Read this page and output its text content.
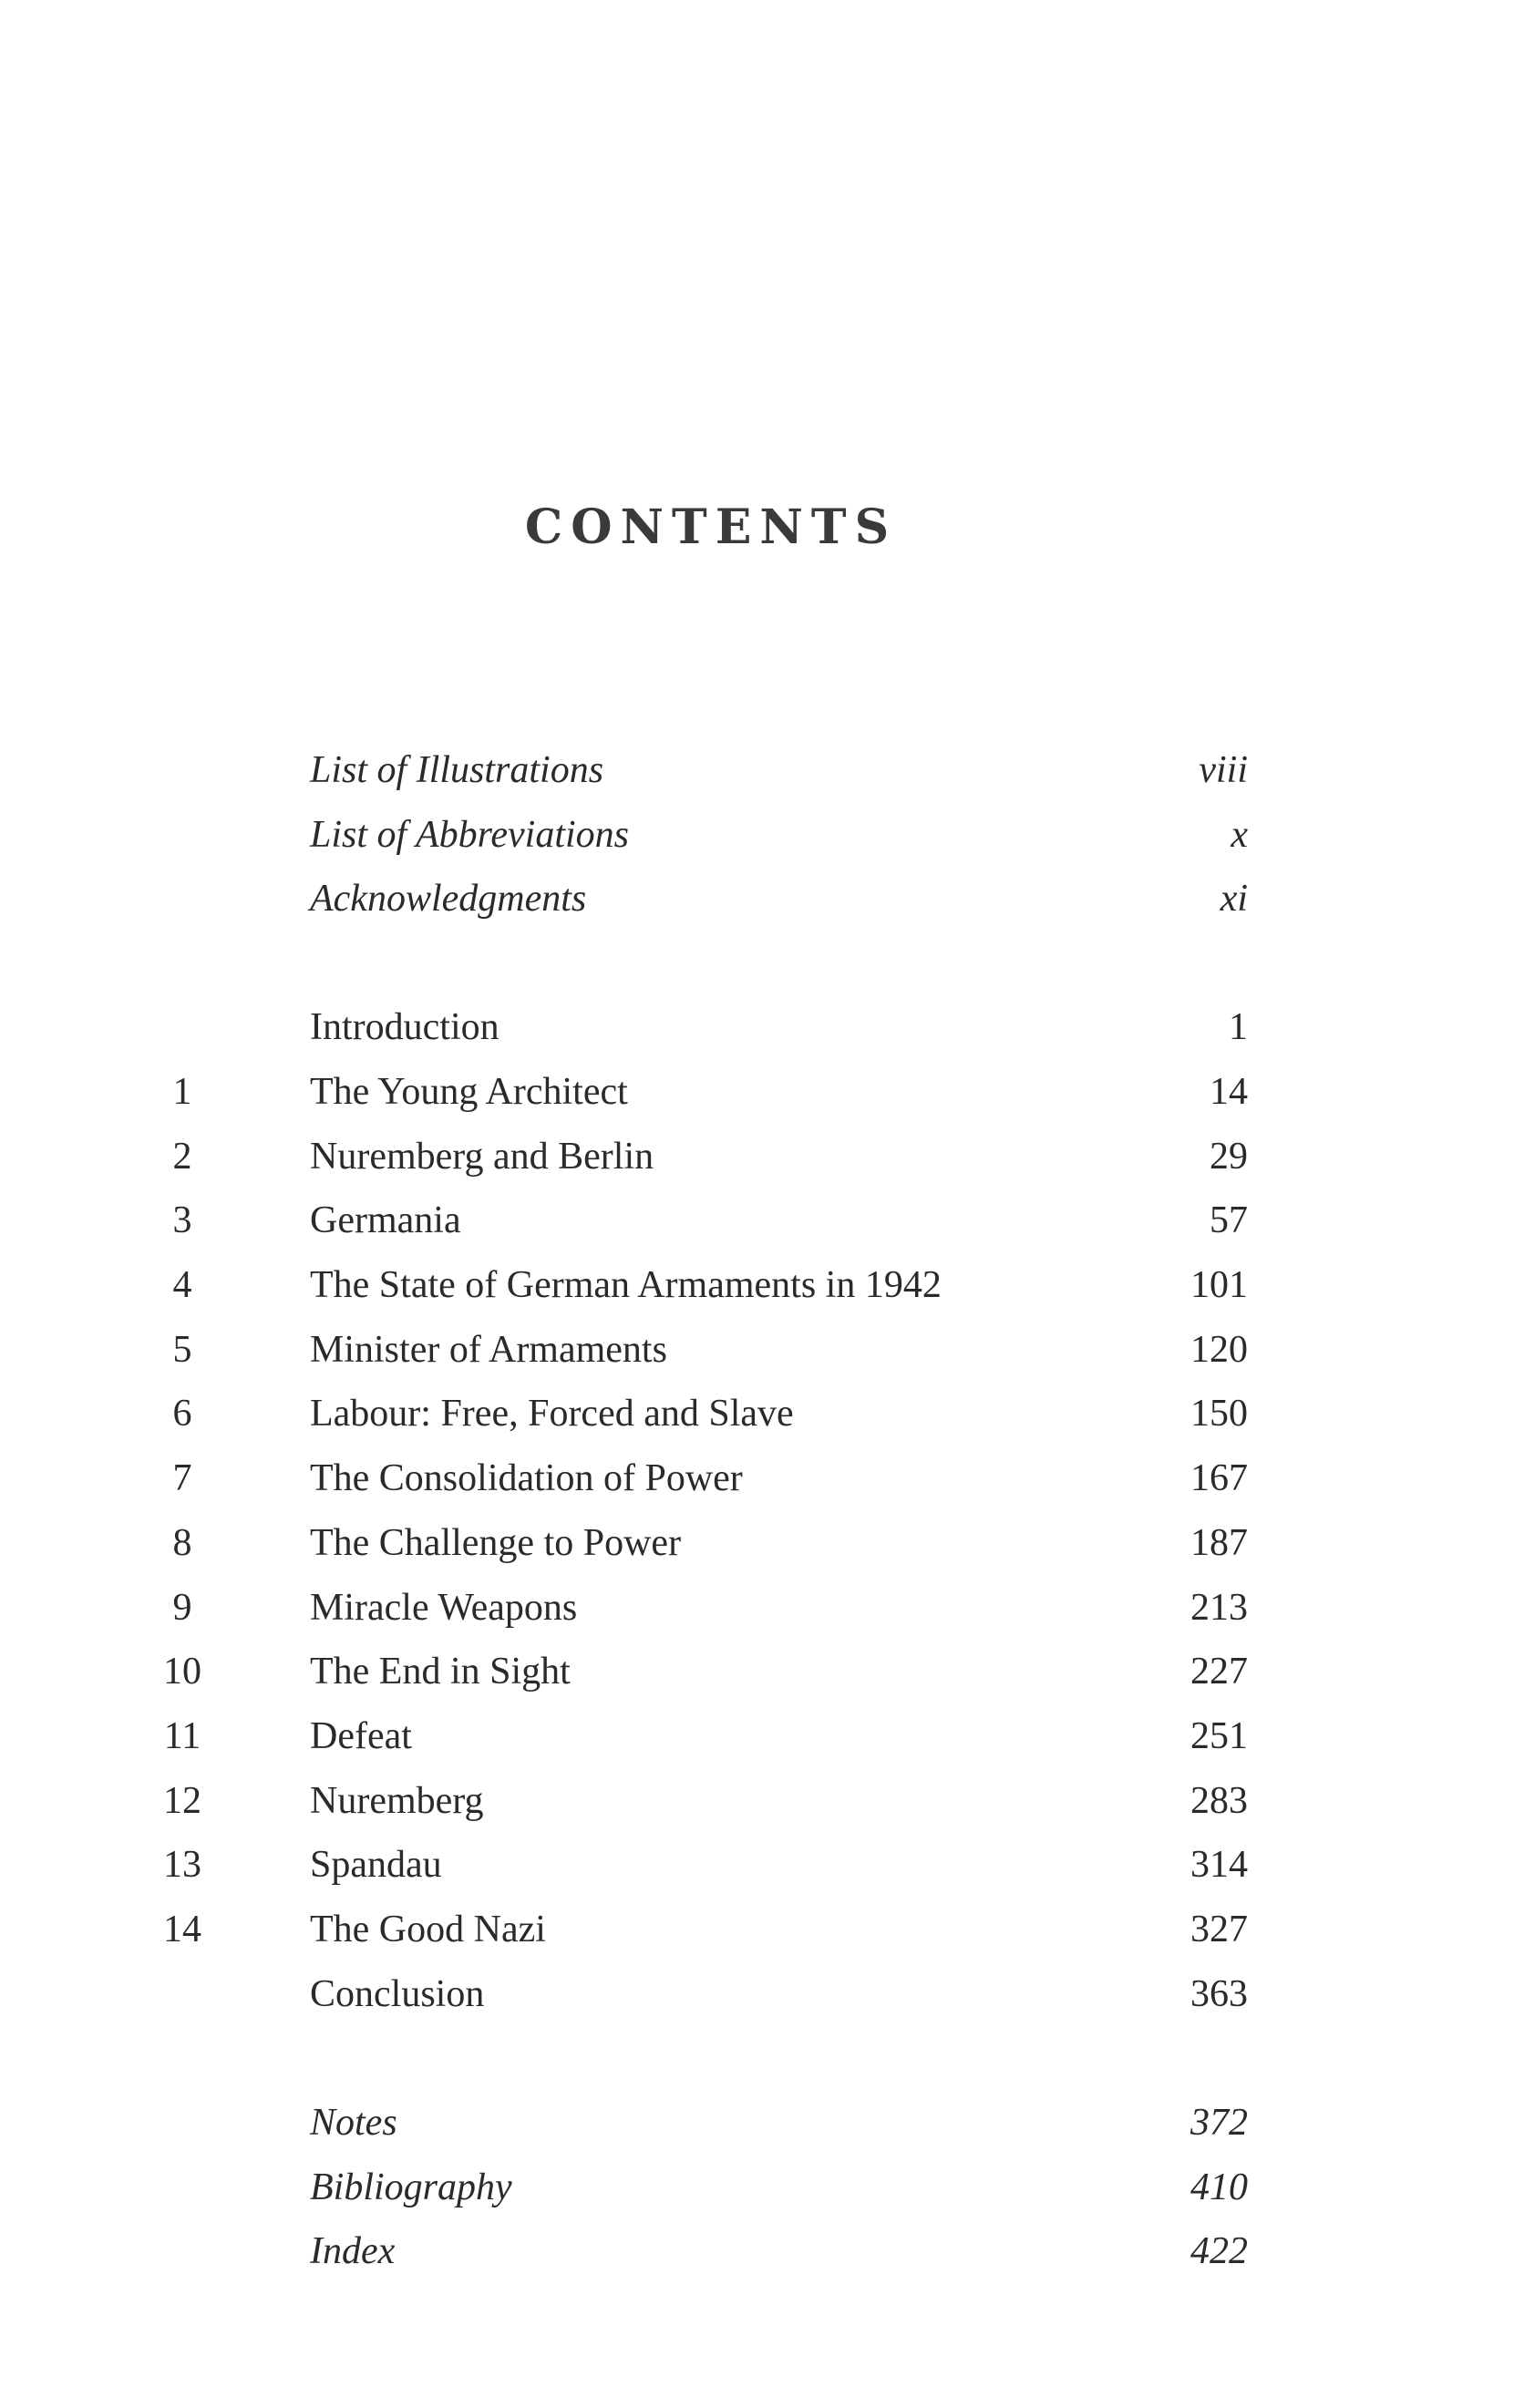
CONTENTS
List of Illustrations	viii
List of Abbreviations	x
Acknowledgments	xi
Introduction	1
1	The Young Architect	14
2	Nuremberg and Berlin	29
3	Germania	57
4	The State of German Armaments in 1942	101
5	Minister of Armaments	120
6	Labour: Free, Forced and Slave	150
7	The Consolidation of Power	167
8	The Challenge to Power	187
9	Miracle Weapons	213
10	The End in Sight	227
11	Defeat	251
12	Nuremberg	283
13	Spandau	314
14	The Good Nazi	327
Conclusion	363
Notes	372
Bibliography	410
Index	422
